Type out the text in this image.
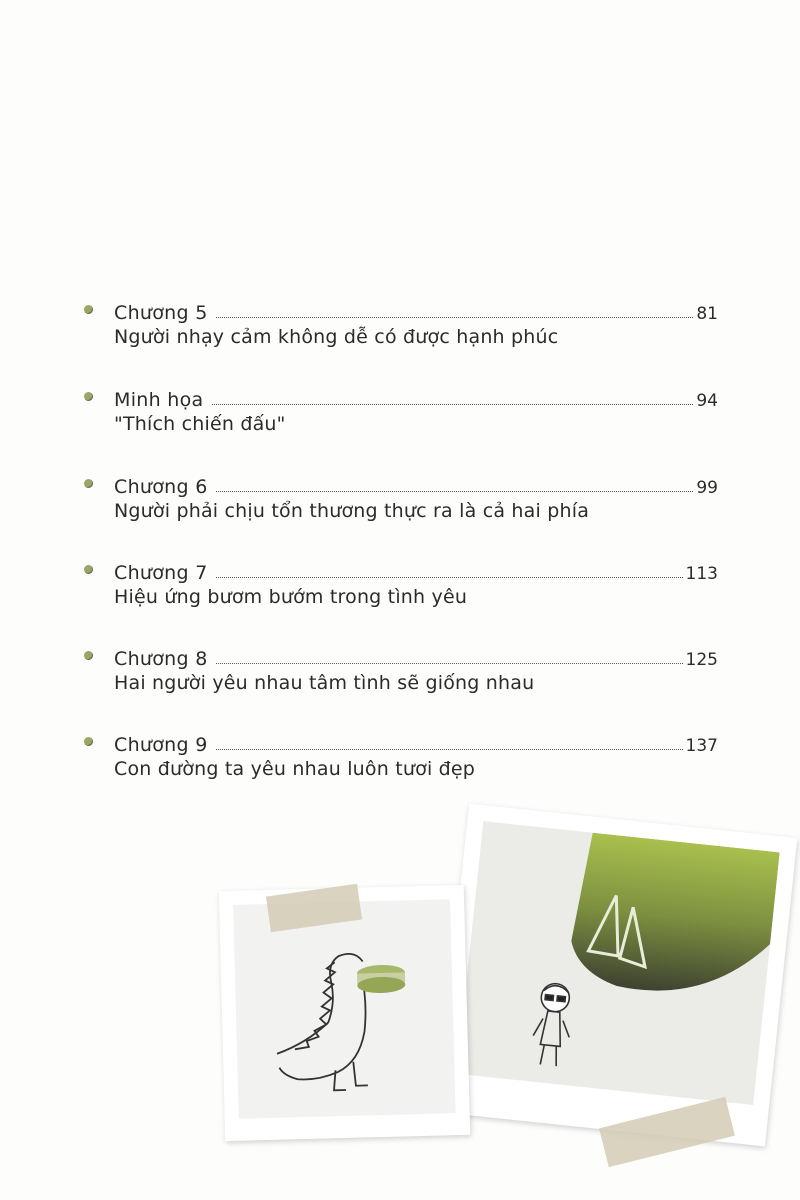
Chương 5	81
Người nhạy cảm không dễ có được hạnh phúc
Minh họa	94
"Thích chiến đấu"
Chương 6	99
Người phải chịu tổn thương thực ra là cả hai phía
Chương 7	113
Hiệu ứng bươm bướm trong tình yêu
Chương 8	125
Hai người yêu nhau tâm tình sẽ giống nhau
Chương 9	137
Con đường ta yêu nhau luôn tươi đẹp
